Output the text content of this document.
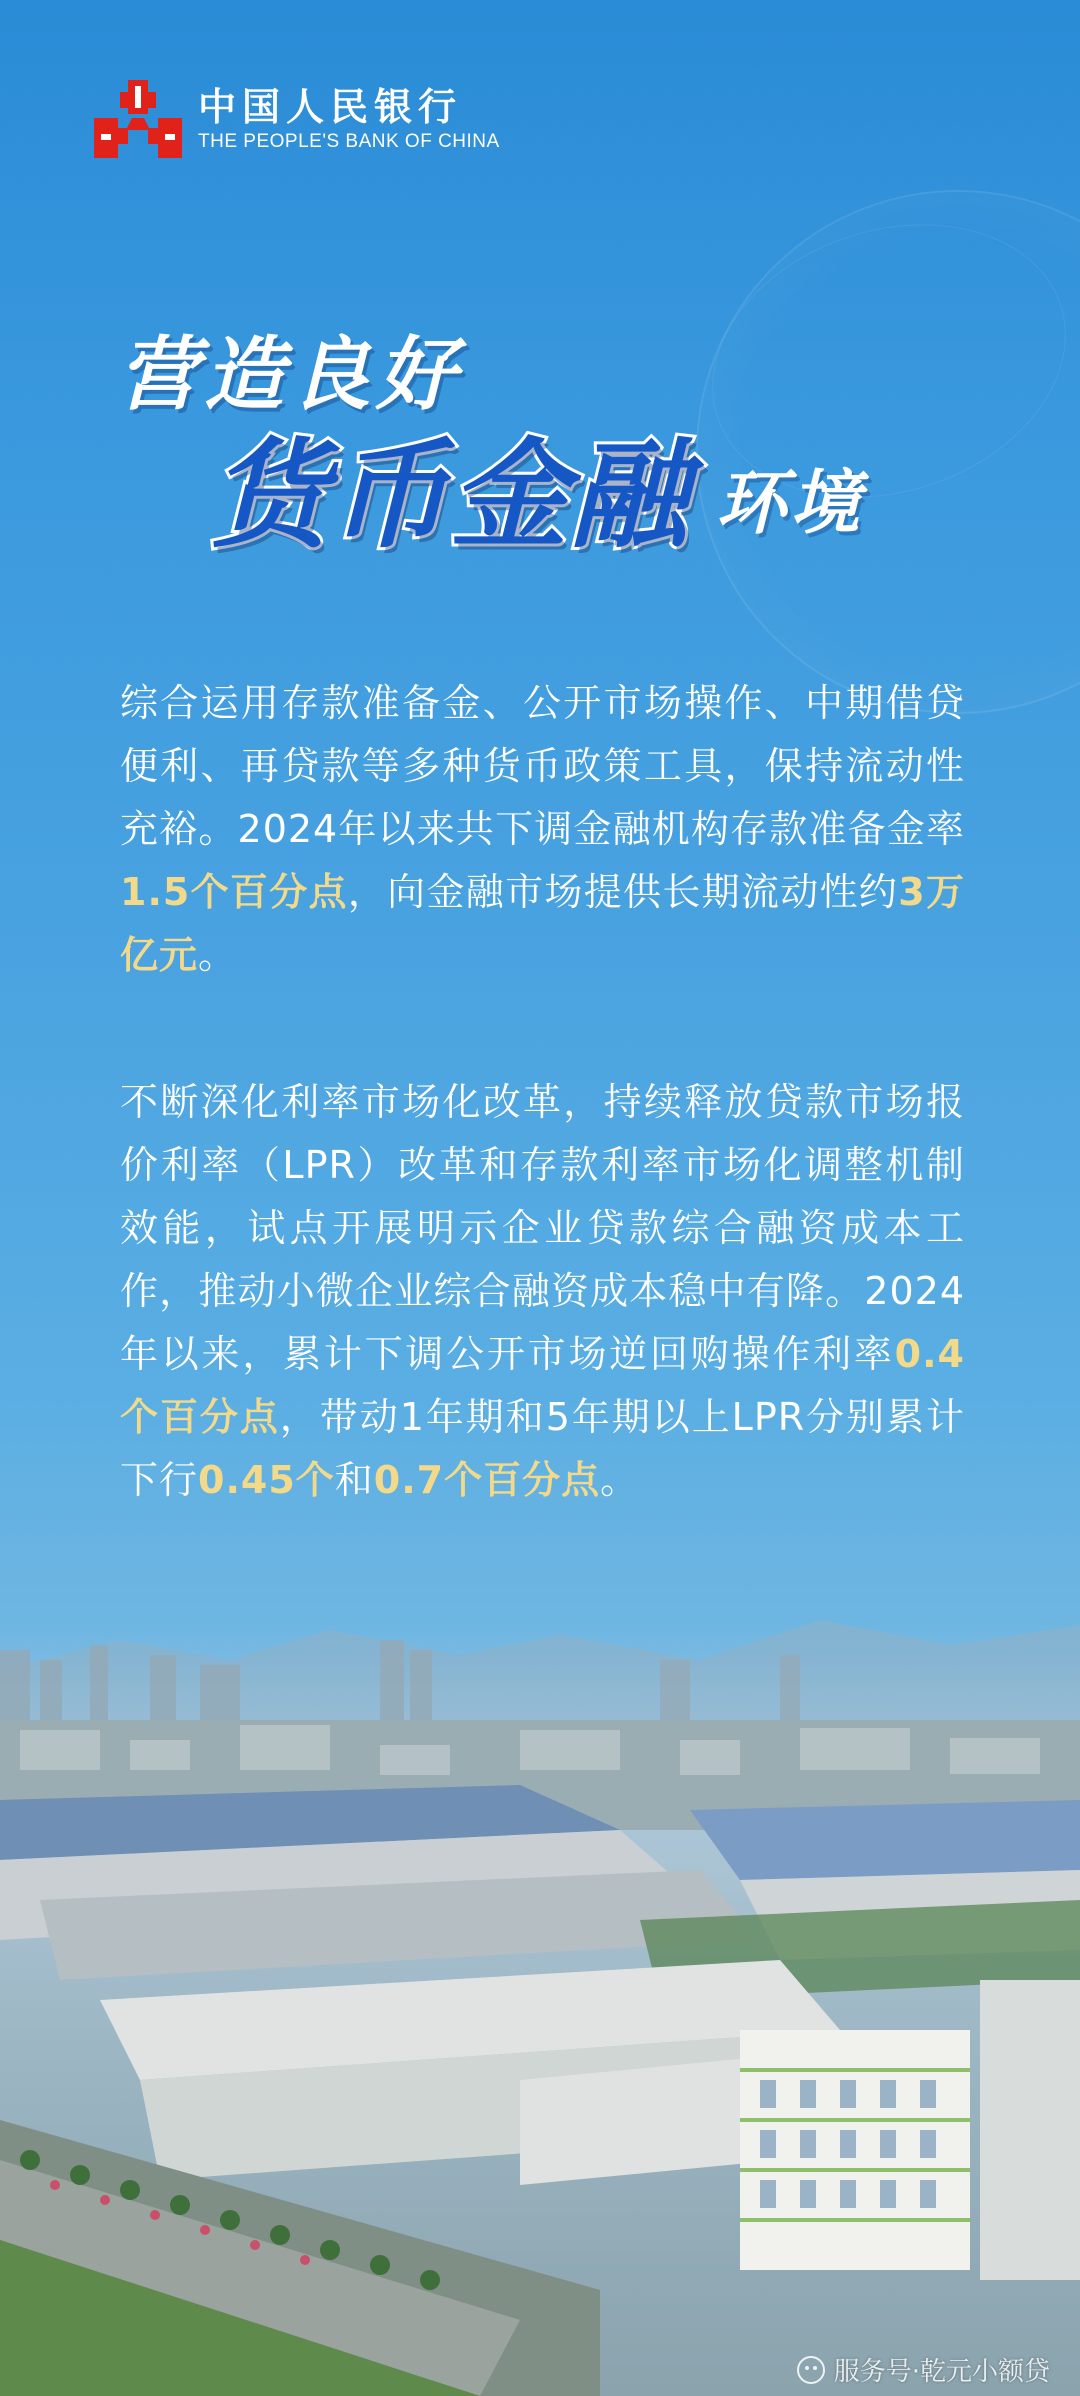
中国人民银行
THE PEOPLE'S BANK OF CHINA
营造良好
货币金融 环境
综合运用存款准备金、公开市场操作、中期借贷便利、再贷款等多种货币政策工具，保持流动性充裕。2024年以来共下调金融机构存款准备金率1.5个百分点，向金融市场提供长期流动性约3万亿元。
不断深化利率市场化改革，持续释放贷款市场报价利率（LPR）改革和存款利率市场化调整机制效能，试点开展明示企业贷款综合融资成本工作，推动小微企业综合融资成本稳中有降。2024年以来，累计下调公开市场逆回购操作利率0.4个百分点，带动1年期和5年期以上LPR分别累计下行0.45个和0.7个百分点。
服务号·乾元小额贷
